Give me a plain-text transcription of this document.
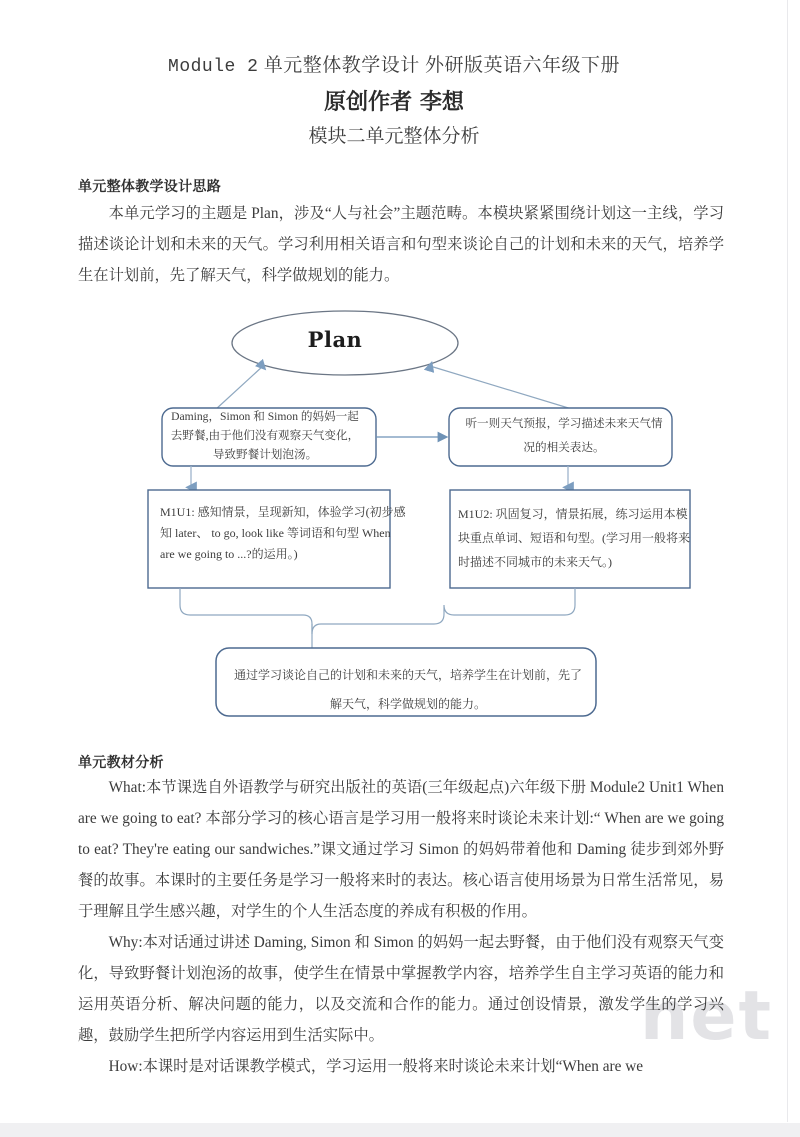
net
Module 2 单元整体教学设计 外研版英语六年级下册
原创作者 李想
模块二单元整体分析
单元整体教学设计思路

本单元学习的主题是 Plan，涉及“人与社会”主题范畴。本模块紧紧围绕计划这一主线，学习描述谈论计划和未来的天气。学习利用相关语言和句型来谈论自己的计划和未来的天气，培养学生在计划前，先了解天气，科学做规划的能力。

Plan
Daming，Simon 和 Simon 的妈妈一起去野餐,由于他们没有观察天气变化，导致野餐计划泡汤。
听一则天气预报，学习描述未来天气情况的相关表达。
M1U1: 感知情景，呈现新知，体验学习(初步感知 later、 to go, look like 等词语和句型 When are we going to ...?的运用。)
M1U2: 巩固复习，情景拓展，练习运用本模块重点单词、短语和句型。(学习用一般将来时描述不同城市的未来天气。)
通过学习谈论自己的计划和未来的天气，培养学生在计划前，先了解天气，科学做规划的能力。
单元教材分析

What:本节课选自外语教学与研究出版社的英语(三年级起点)六年级下册 Module2 Unit1 When are we going to eat? 本部分学习的核心语言是学习用一般将来时谈论未来计划:“ When are we going to eat? They're eating our sandwiches.”课文通过学习 Simon 的妈妈带着他和 Daming 徒步到郊外野餐的故事。本课时的主要任务是学习一般将来时的表达。核心语言使用场景为日常生活常见，易于理解且学生感兴趣，对学生的个人生活态度的养成有积极的作用。

Why:本对话通过讲述 Daming, Simon 和 Simon 的妈妈一起去野餐，由于他们没有观察天气变化，导致野餐计划泡汤的故事，使学生在情景中掌握教学内容，培养学生自主学习英语的能力和运用英语分析、解决问题的能力，以及交流和合作的能力。通过创设情景，激发学生的学习兴趣，鼓励学生把所学内容运用到生活实际中。

How:本课时是对话课教学模式，学习运用一般将来时谈论未来计划“When are we
